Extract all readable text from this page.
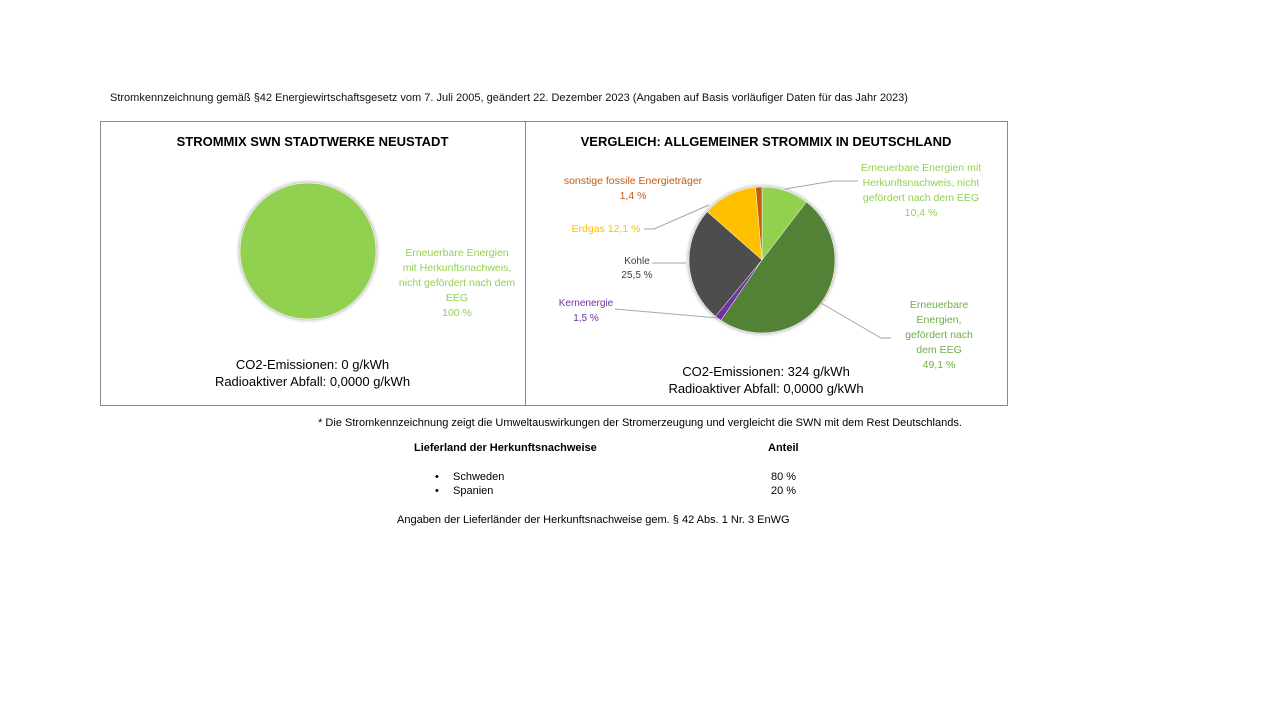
Stromkennzeichnung gemäß §42 Energiewirtschaftsgesetz vom 7. Juli 2005, geändert 22. Dezember 2023 (Angaben auf Basis vorläufiger Daten für das Jahr 2023)
STROMMIX SWN STADTWERKE NEUSTADT
Erneuerbare Energien
mit Herkunftsnachweis,
nicht gefördert nach dem
EEG
100 %
CO2-Emissionen: 0 g/kWh
Radioaktiver Abfall: 0,0000 g/kWh
VERGLEICH: ALLGEMEINER STROMMIX IN DEUTSCHLAND
Erneuerbare Energien mit
Herkunftsnachweis, nicht
gefördert nach dem EEG
10,4 %
Erneuerbare
Energien,
gefördert nach
dem EEG
49,1 %
Kernenergie
1,5 %
Kohle
25,5 %
Erdgas 12,1 %
sonstige fossile Energieträger
1,4 %
CO2-Emissionen: 324 g/kWh
Radioaktiver Abfall: 0,0000 g/kWh
* Die Stromkennzeichnung zeigt die Umweltauswirkungen der Stromerzeugung und vergleicht die SWN mit dem Rest Deutschlands.
Lieferland der Herkunftsnachweise	Anteil
• Schweden	80 %
• Spanien	20 %
Angaben der Lieferländer der Herkunftsnachweise gem. § 42 Abs. 1 Nr. 3 EnWG
